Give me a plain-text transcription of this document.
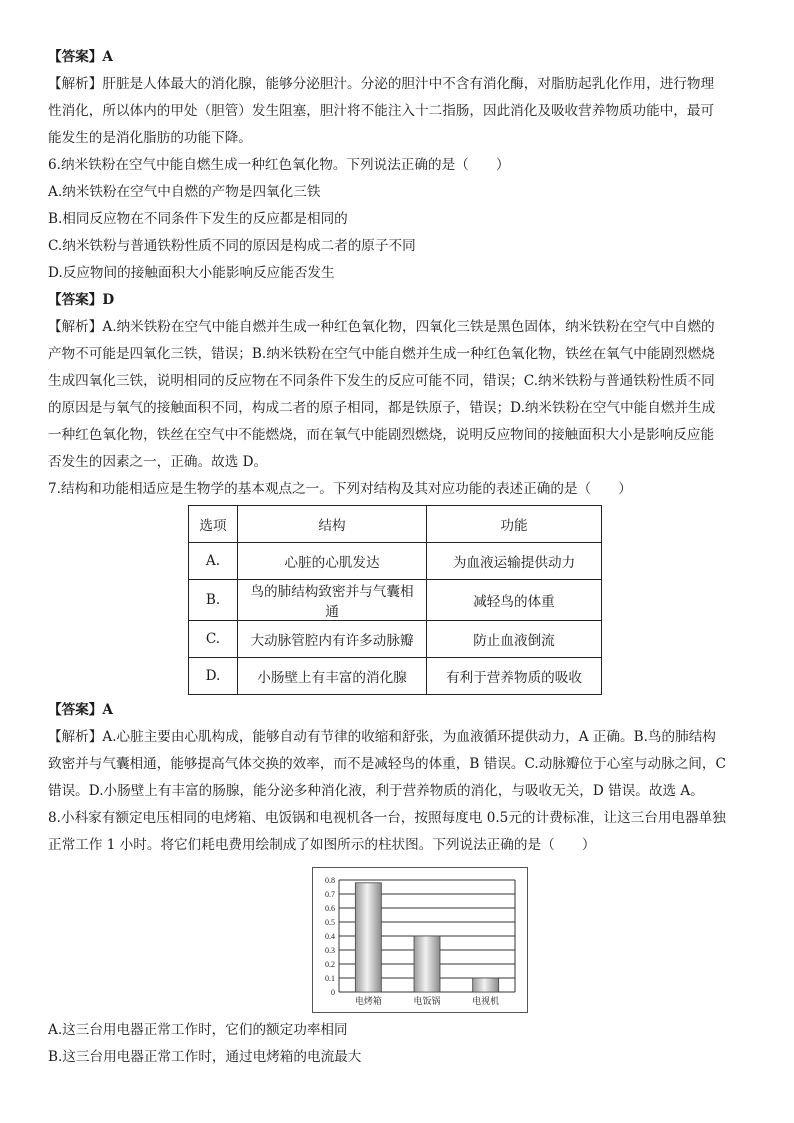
【答案】A
【解析】肝脏是人体最大的消化腺，能够分泌胆汁。分泌的胆汁中不含有消化酶，对脂肪起乳化作用，进行物理
性消化，所以体内的甲处（胆管）发生阻塞，胆汁将不能注入十二指肠，因此消化及吸收营养物质功能中，最可
能发生的是消化脂肪的功能下降。
6.纳米铁粉在空气中能自燃生成一种红色氧化物。下列说法正确的是（　　）
A.纳米铁粉在空气中自燃的产物是四氧化三铁
B.相同反应物在不同条件下发生的反应都是相同的
C.纳米铁粉与普通铁粉性质不同的原因是构成二者的原子不同
D.反应物间的接触面积大小能影响反应能否发生
【答案】D
【解析】A.纳米铁粉在空气中能自燃并生成一种红色氧化物，四氧化三铁是黑色固体，纳米铁粉在空气中自燃的
产物不可能是四氧化三铁，错误；B.纳米铁粉在空气中能自燃并生成一种红色氧化物，铁丝在氧气中能剧烈燃烧
生成四氧化三铁，说明相同的反应物在不同条件下发生的反应可能不同，错误；C.纳米铁粉与普通铁粉性质不同
的原因是与氧气的接触面积不同，构成二者的原子相同，都是铁原子，错误；D.纳米铁粉在空气中能自燃并生成
一种红色氧化物，铁丝在空气中不能燃烧，而在氧气中能剧烈燃烧，说明反应物间的接触面积大小是影响反应能
否发生的因素之一，正确。故选 D。
7.结构和功能相适应是生物学的基本观点之一。下列对结构及其对应功能的表述正确的是（　　）
选项	结构	功能
A.	心脏的心肌发达	为血液运输提供动力
B.	鸟的肺结构致密并与气囊相通	减轻鸟的体重
C.	大动脉管腔内有许多动脉瓣	防止血液倒流
D.	小肠壁上有丰富的消化腺	有利于营养物质的吸收
【答案】A
【解析】A.心脏主要由心肌构成，能够自动有节律的收缩和舒张，为血液循环提供动力，A 正确。B.鸟的肺结构
致密并与气囊相通，能够提高气体交换的效率，而不是减轻鸟的体重，B 错误。C.动脉瓣位于心室与动脉之间，C
错误。D.小肠壁上有丰富的肠腺，能分泌多种消化液，利于营养物质的消化，与吸收无关，D 错误。故选 A。
8.小科家有额定电压相同的电烤箱、电饭锅和电视机各一台，按照每度电 0.5元的计费标准，让这三台用电器单独
正常工作 1 小时。将它们耗电费用绘制成了如图所示的柱状图。下列说法正确的是（　　）
0
0.1
0.2
0.3
0.4
0.5
0.6
0.7
0.8
电烤箱	电饭锅	电视机
A.这三台用电器正常工作时，它们的额定功率相同
B.这三台用电器正常工作时，通过电烤箱的电流最大
